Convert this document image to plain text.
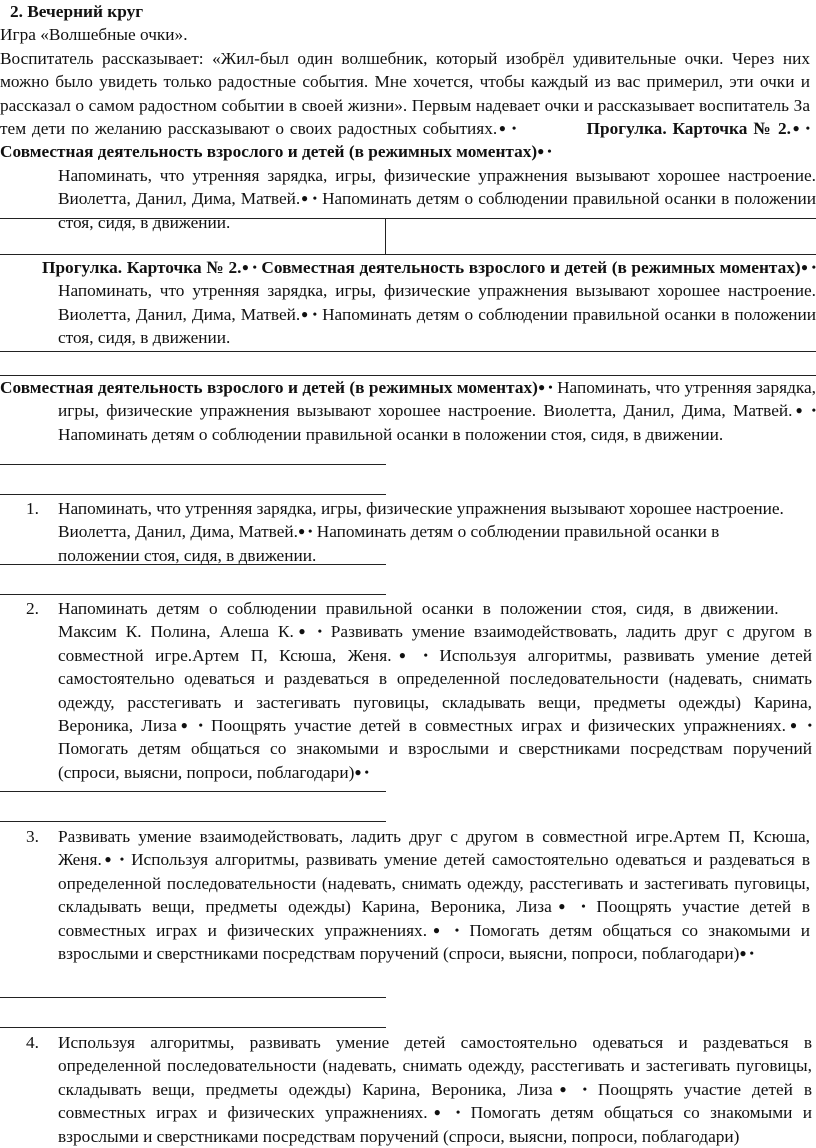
2. Вечерний круг
Игра «Волшебные очки».
Воспитатель рассказывает: «Жил-был один волшебник, который изобрёл удивительные очки. Через них можно было увидеть только радостные события. Мне хочется, чтобы каждый из вас примерил, эти очки и рассказал о самом радостном событии в своей жизни». Первым надевает очки и рассказывает воспитатель За тем дети по желанию рассказывают о своих радостных событиях.● •	Прогулка. Карточка № 2.● • Совместная деятельность взрослого и детей (в режимных моментах)● •
Напоминать, что утренняя зарядка, игры, физические упражнения вызывают хорошее настроение. Виолетта, Данил, Дима, Матвей.● • Напоминать детям о соблюдении правильной осанки в положении стоя, сидя, в движении.
Прогулка. Карточка № 2.● • Совместная деятельность взрослого и детей (в режимных моментах)● • Напоминать, что утренняя зарядка, игры, физические упражнения вызывают хорошее настроение. Виолетта, Данил, Дима, Матвей.● • Напоминать детям о соблюдении правильной осанки в положении стоя, сидя, в движении.
Совместная деятельность взрослого и детей (в режимных моментах)● • Напоминать, что утренняя зарядка, игры, физические упражнения вызывают хорошее настроение. Виолетта, Данил, Дима, Матвей.● • Напоминать детям о соблюдении правильной осанки в положении стоя, сидя, в движении.
1.	Напоминать, что утренняя зарядка, игры, физические упражнения вызывают хорошее настроение. Виолетта, Данил, Дима, Матвей.● • Напоминать детям о соблюдении правильной осанки в положении стоя, сидя, в движении.
2.	Напоминать детям о соблюдении правильной осанки в положении стоя, сидя, в движении.  Максим К. Полина, Алеша К.● • Развивать умение взаимодействовать, ладить друг с другом в совместной игре.Артем П, Ксюша, Женя.● • Используя алгоритмы, развивать умение детей самостоятельно одеваться и раздеваться в определенной последовательности (надевать, снимать одежду, расстегивать и застегивать пуговицы, складывать вещи, предметы одежды) Карина, Вероника, Лиза● • Поощрять участие детей в совместных играх и физических упражнениях.● • Помогать детям общаться со знакомыми и взрослыми и сверстниками посредствам поручений (спроси, выясни, попроси, поблагодари)● •
3.	Развивать умение взаимодействовать, ладить друг с другом в совместной игре.Артем П, Ксюша, Женя.● • Используя алгоритмы, развивать умение детей самостоятельно одеваться и раздеваться в определенной последовательности (надевать, снимать одежду, расстегивать и застегивать пуговицы, складывать вещи, предметы одежды) Карина, Вероника, Лиза● • Поощрять участие детей в совместных играх и физических упражнениях.● • Помогать детям общаться со знакомыми и взрослыми и сверстниками посредствам поручений (спроси, выясни, попроси, поблагодари)● •
4.	Используя алгоритмы, развивать умение детей самостоятельно одеваться и раздеваться в определенной последовательности (надевать, снимать одежду, расстегивать и застегивать пуговицы, складывать вещи, предметы одежды) Карина, Вероника, Лиза● • Поощрять участие детей в совместных играх и физических упражнениях.● • Помогать детям общаться со знакомыми и взрослыми и сверстниками посредствам поручений (спроси, выясни, попроси, поблагодари)
